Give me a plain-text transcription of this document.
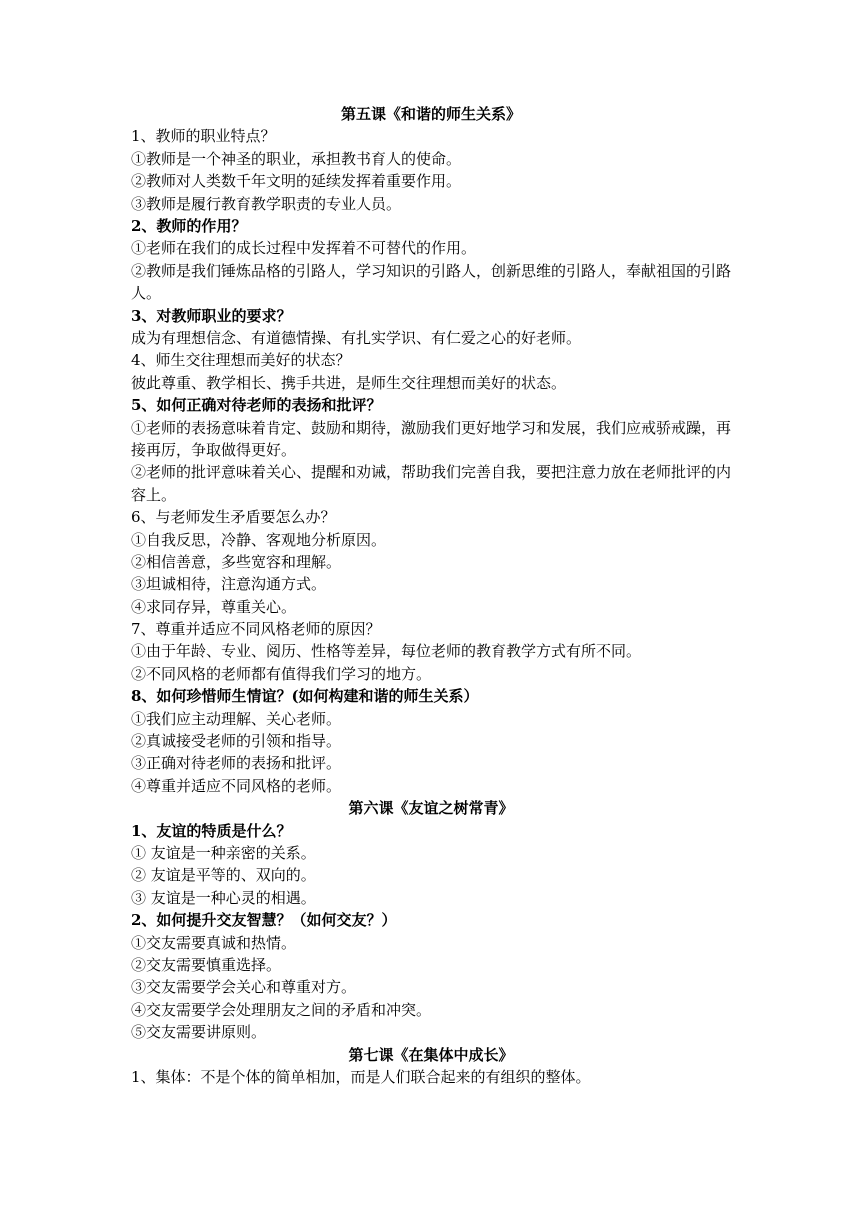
第五课《和谐的师生关系》
1、教师的职业特点？
①教师是一个神圣的职业，承担教书育人的使命。
②教师对人类数千年文明的延续发挥着重要作用。
③教师是履行教育教学职责的专业人员。
2、教师的作用？
①老师在我们的成长过程中发挥着不可替代的作用。
②教师是我们锤炼品格的引路人，学习知识的引路人，创新思维的引路人，奉献祖国的引路人。
3、对教师职业的要求？
成为有理想信念、有道德情操、有扎实学识、有仁爱之心的好老师。
4、师生交往理想而美好的状态？
彼此尊重、教学相长、携手共进，是师生交往理想而美好的状态。
5、如何正确对待老师的表扬和批评？
①老师的表扬意味着肯定、鼓励和期待，激励我们更好地学习和发展，我们应戒骄戒躁，再接再厉，争取做得更好。
②老师的批评意味着关心、提醒和劝诫，帮助我们完善自我，要把注意力放在老师批评的内容上。
6、与老师发生矛盾要怎么办？
①自我反思，冷静、客观地分析原因。
②相信善意，多些宽容和理解。
③坦诚相待，注意沟通方式。
④求同存异，尊重关心。
7、尊重并适应不同风格老师的原因？
①由于年龄、专业、阅历、性格等差异，每位老师的教育教学方式有所不同。
②不同风格的老师都有值得我们学习的地方。
8、如何珍惜师生情谊？(如何构建和谐的师生关系）
①我们应主动理解、关心老师。
②真诚接受老师的引领和指导。
③正确对待老师的表扬和批评。
④尊重并适应不同风格的老师。
第六课《友谊之树常青》
1、友谊的特质是什么？
① 友谊是一种亲密的关系。
② 友谊是平等的、双向的。
③ 友谊是一种心灵的相遇。
2、如何提升交友智慧？（如何交友？）
①交友需要真诚和热情。
②交友需要慎重选择。
③交友需要学会关心和尊重对方。
④交友需要学会处理朋友之间的矛盾和冲突。
⑤交友需要讲原则。
第七课《在集体中成长》
1、集体：不是个体的简单相加，而是人们联合起来的有组织的整体。
